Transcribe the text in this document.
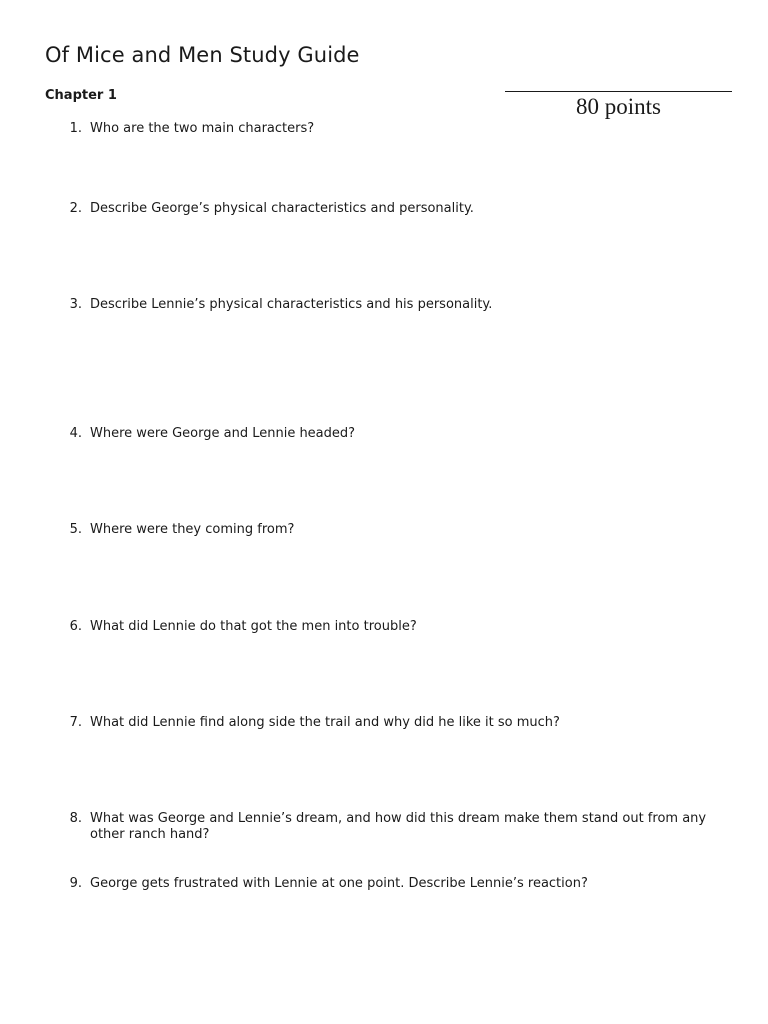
Of Mice and Men Study Guide
Chapter 1	80 points
1. Who are the two main characters?
2. Describe George’s physical characteristics and personality.
3. Describe Lennie’s physical characteristics and his personality.
4. Where were George and Lennie headed?
5. Where were they coming from?
6. What did Lennie do that got the men into trouble?
7. What did Lennie find along side the trail and why did he like it so much?
8. What was George and Lennie’s dream, and how did this dream make them stand out from any other ranch hand?
9. George gets frustrated with Lennie at one point. Describe Lennie’s reaction?
